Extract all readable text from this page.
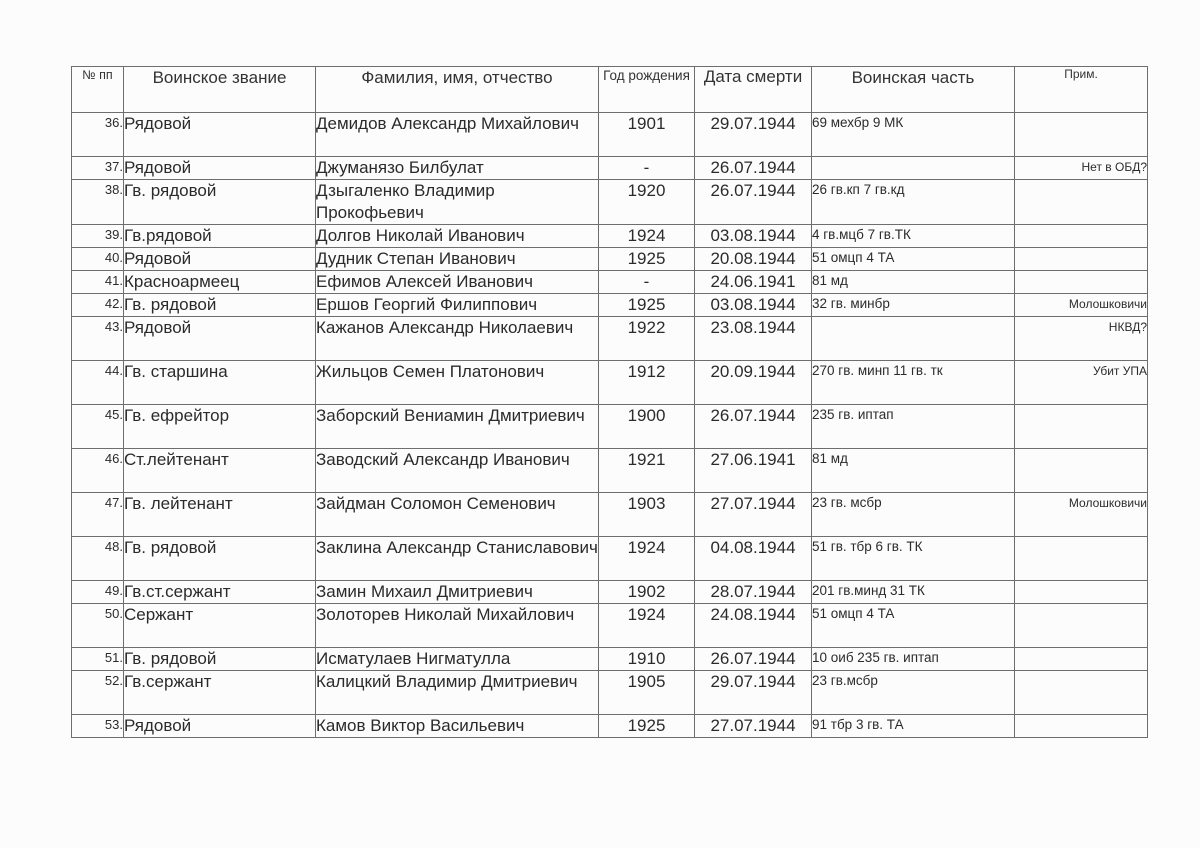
№ пп	Воинское звание	Фамилия, имя, отчество	Год рождения	Дата смерти	Воинская часть	Прим.
36.	Рядовой	Демидов Александр Михайлович	1901	29.07.1944	69 мехбр 9 МК	
37.	Рядовой	Джуманязо Билбулат	-	26.07.1944		Нет в ОБД?
38.	Гв. рядовой	Дзыгаленко Владимир Прокофьевич	1920	26.07.1944	26 гв.кп 7 гв.кд	
39.	Гв.рядовой	Долгов Николай Иванович	1924	03.08.1944	4 гв.мцб 7 гв.ТК	
40.	Рядовой	Дудник Степан Иванович	1925	20.08.1944	51 омцп 4 ТА	
41.	Красноармеец	Ефимов Алексей Иванович	-	24.06.1941	81 мд	
42.	Гв. рядовой	Ершов Георгий Филиппович	1925	03.08.1944	32 гв. минбр	Молошковичи
43.	Рядовой	Кажанов Александр Николаевич	1922	23.08.1944		НКВД?
44.	Гв. старшина	Жильцов Семен Платонович	1912	20.09.1944	270 гв. минп 11 гв. тк	Убит УПА
45.	Гв. ефрейтор	Заборский Вениамин Дмитриевич	1900	26.07.1944	235 гв. иптап	
46.	Ст.лейтенант	Заводский Александр Иванович	1921	27.06.1941	81 мд	
47.	Гв. лейтенант	Зайдман Соломон Семенович	1903	27.07.1944	23 гв. мсбр	Молошковичи
48.	Гв. рядовой	Заклина Александр Станиславович	1924	04.08.1944	51 гв. тбр 6 гв. ТК	
49.	Гв.ст.сержант	Замин Михаил Дмитриевич	1902	28.07.1944	201 гв.минд 31 ТК	
50.	Сержант	Золоторев Николай Михайлович	1924	24.08.1944	51 омцп 4 ТА	
51.	Гв. рядовой	Исматулаев Нигматулла	1910	26.07.1944	10 оиб 235 гв. иптап	
52.	Гв.сержант	Калицкий Владимир Дмитриевич	1905	29.07.1944	23 гв.мсбр	
53.	Рядовой	Камов Виктор Васильевич	1925	27.07.1944	91 тбр 3 гв. ТА	
